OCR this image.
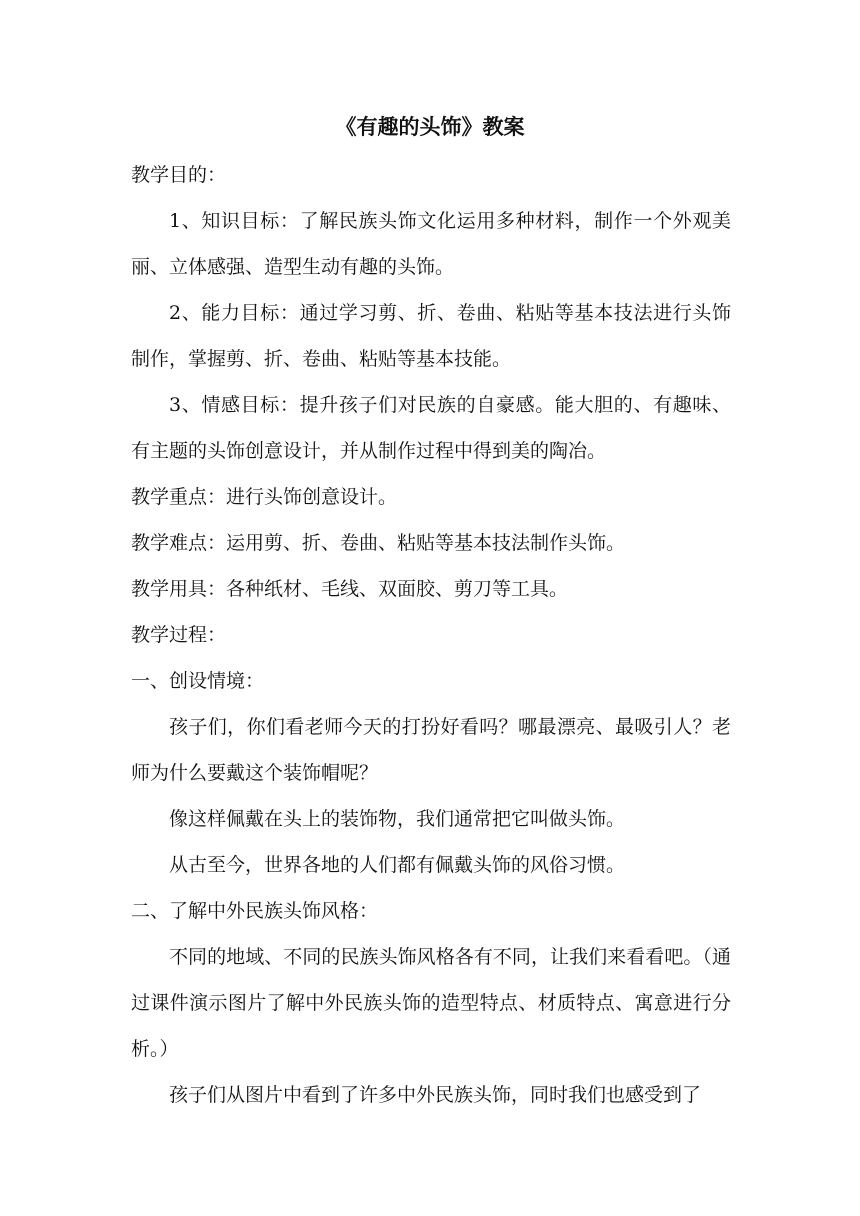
《有趣的头饰》教案

教学目的：

1、知识目标：了解民族头饰文化运用多种材料，制作一个外观美丽、立体感强、造型生动有趣的头饰。

2、能力目标：通过学习剪、折、卷曲、粘贴等基本技法进行头饰制作，掌握剪、折、卷曲、粘贴等基本技能。

3、情感目标：提升孩子们对民族的自豪感。能大胆的、有趣味、有主题的头饰创意设计，并从制作过程中得到美的陶冶。

教学重点：进行头饰创意设计。

教学难点：运用剪、折、卷曲、粘贴等基本技法制作头饰。

教学用具：各种纸材、毛线、双面胶、剪刀等工具。

教学过程：

一、创设情境：

孩子们，你们看老师今天的打扮好看吗？哪最漂亮、最吸引人？老师为什么要戴这个装饰帽呢？

像这样佩戴在头上的装饰物，我们通常把它叫做头饰。

从古至今，世界各地的人们都有佩戴头饰的风俗习惯。

二、了解中外民族头饰风格：

不同的地域、不同的民族头饰风格各有不同，让我们来看看吧。（通过课件演示图片了解中外民族头饰的造型特点、材质特点、寓意进行分析。）

孩子们从图片中看到了许多中外民族头饰，同时我们也感受到了
